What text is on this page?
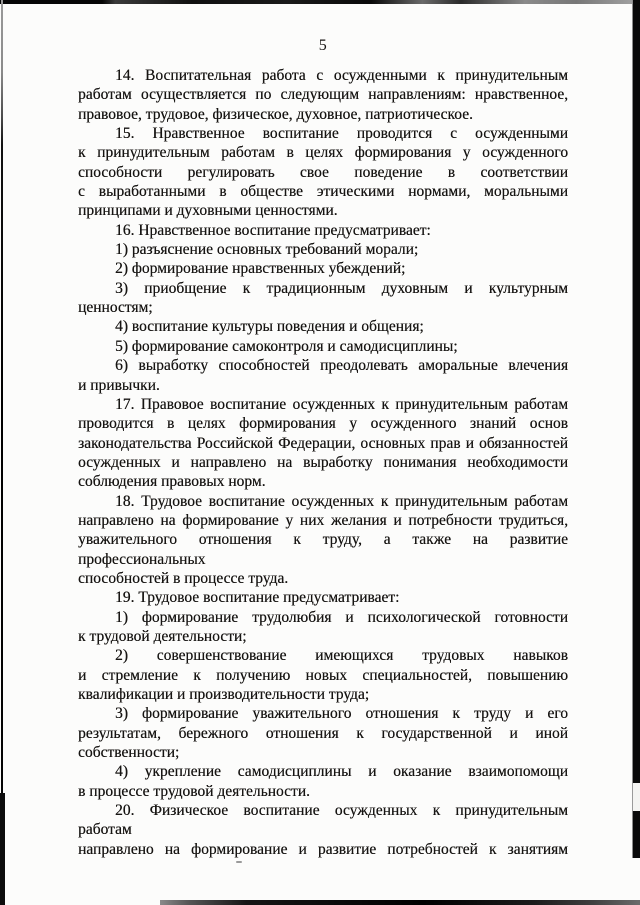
5

14. Воспитательная работа с осужденными к принудительным
работам осуществляется по следующим направлениям: нравственное,
правовое, трудовое, физическое, духовное, патриотическое.

15. Нравственное воспитание проводится с осужденными
к принудительным работам в целях формирования у осужденного
способности регулировать свое поведение в соответствии
с выработанными в обществе этическими нормами, моральными
принципами и духовными ценностями.

16. Нравственное воспитание предусматривает:

1) разъяснение основных требований морали;

2) формирование нравственных убеждений;

3) приобщение к традиционным духовным и культурным ценностям;

4) воспитание культуры поведения и общения;

5) формирование самоконтроля и самодисциплины;

6) выработку способностей преодолевать аморальные влечения
и привычки.

17. Правовое воспитание осужденных к принудительным работам
проводится в целях формирования у осужденного знаний основ
законодательства Российской Федерации, основных прав и обязанностей
осужденных и направлено на выработку понимания необходимости
соблюдения правовых норм.

18. Трудовое воспитание осужденных к принудительным работам
направлено на формирование у них желания и потребности трудиться,
уважительного отношения к труду, а также на развитие профессиональных
способностей в процессе труда.

19. Трудовое воспитание предусматривает:

1) формирование трудолюбия и психологической готовности
к трудовой деятельности;

2) совершенствование имеющихся трудовых навыков
и стремление к получению новых специальностей, повышению
квалификации и производительности труда;

3) формирование уважительного отношения к труду и его
результатам, бережного отношения к государственной и иной
собственности;

4) укрепление самодисциплины и оказание взаимопомощи
в процессе трудовой деятельности.

20. Физическое воспитание осужденных к принудительным работам
направлено на формирование и развитие потребностей к занятиям
